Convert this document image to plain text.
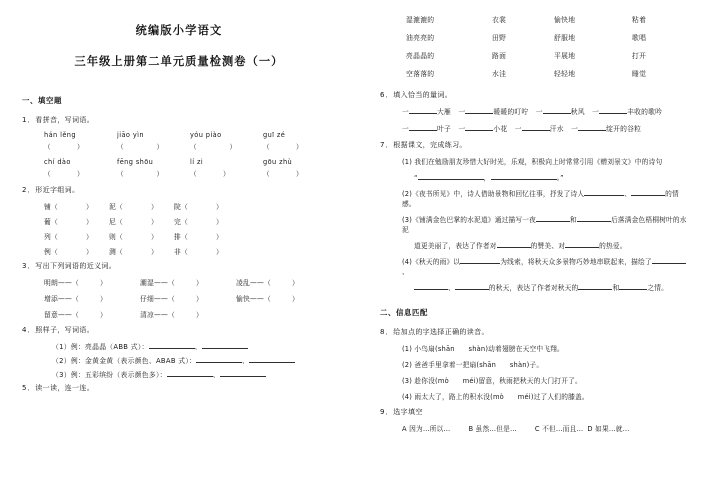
统编版小学语文
三年级上册第二单元质量检测卷（一）
一、填空题
1．看拼音，写词语。
hán lěng	jiāo yìn	yóu piào	guī zé
（　　　　）	（　　　　　）	（　　　　　）	（　　　　）
chí dào	fēng shōu	lí zi	gōu zhù
（　　　　）	（　　　　　）	（　　　　）	（　　　　）
2．形近字组词。
铺（　　　　）	泥（　　　　）	院（　　　　）
葡（　　　　）	尼（　　　　）	完（　　　　）
列（　　　　）	则（　　　　）	排（　　　　）
例（　　　　）	测（　　　　）	非（　　　　）
3．写出下列词语的近义词。
明朗——（　　　）	潮湿——（　　　）	凌乱——（　　　）
增添——（　　　）	仔细——（　　　）	愉快——（　　　）
留意——（　　　）	清凉——（　　　）
4．照样子，写词语。
（1）例：亮晶晶（ABB 式）：	、
（2）例：金黄金黄（表示颜色、ABAB 式）：	、
（3）例：五彩缤纷（表示颜色多）：	、
5．读一读，连一连。
湿漉漉的	衣裳	愉快地	粘着
油亮亮的	田野	舒服地	歌唱
亮晶晶的	路面	平展地	打开
空落落的	水洼	轻轻地	睡觉
6．填入恰当的量词。
一	大雁 一	暖暖的叮咛 一	秋风 一	丰收的歌吟
一	叶子 一	小花 一	汗水 一	绽开的谷粒
7．根据课文，完成练习。
(1) 我们在勉励朋友珍惜大好时光，乐观，积极向上时常常引用《赠刘景文》中的诗句
“	，	。”
(2)《夜书所见》中，诗人借助景物和回忆往事，抒发了诗人	、	的情感。
(3)《铺满金色巴掌的水泥道》通过描写一夜	和	后落满金色梧桐树叶的水泥
道更美丽了，表达了作者对	的赞美、对	的热爱。
(4)《秋天的雨》以	为线索，将秋天众多景物巧妙地串联起来，描绘了、
、	的秋天，表达了作者对秋天的	和	之情。
二、信息匹配
8．给加点的字选择正确的读音。
(1) 小鸟扇(shān　　shàn)动着翅膀在天空中飞翔。
(2) 爸爸手里拿着一把扇(shān　　shàn)子。
(3) 趁你没(mò　　méi)留意，秋雨把秋天的大门打开了。
(4) 雨太大了，路上的积水没(mò　　méi)过了人们的膝盖。
9．选字填空
A 因为…所以…	B 虽然…但是…	C 不但…而且… D 如果…就…
